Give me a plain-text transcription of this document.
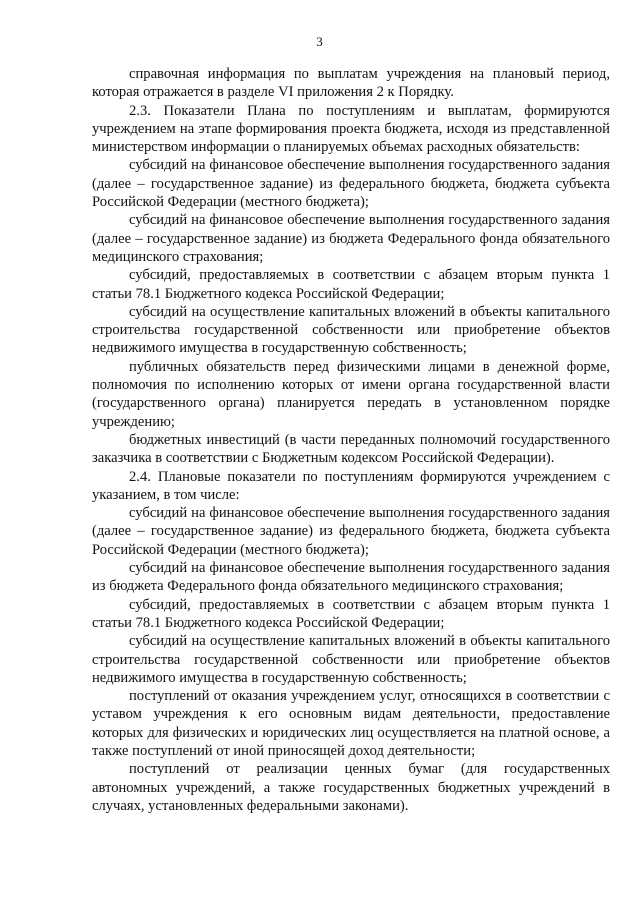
3

справочная информация по выплатам учреждения на плановый период, которая отражается в разделе VI приложения 2 к Порядку.

2.3. Показатели Плана по поступлениям и выплатам, формируются учреждением на этапе формирования проекта бюджета, исходя из представленной министерством информации о планируемых объемах расходных обязательств:

субсидий на финансовое обеспечение выполнения государственного задания (далее – государственное задание) из федерального бюджета, бюджета субъекта Российской Федерации (местного бюджета);

субсидий на финансовое обеспечение выполнения государственного задания (далее – государственное задание) из бюджета Федерального фонда обязательного медицинского страхования;

субсидий, предоставляемых в соответствии с абзацем вторым пункта 1 статьи 78.1 Бюджетного кодекса Российской Федерации;

субсидий на осуществление капитальных вложений в объекты капитального строительства государственной собственности или приобретение объектов недвижимого имущества в государственную собственность;

публичных обязательств перед физическими лицами в денежной форме, полномочия по исполнению которых от имени органа государственной власти (государственного органа) планируется передать в установленном порядке учреждению;

бюджетных инвестиций (в части переданных полномочий государственного заказчика в соответствии с Бюджетным кодексом Российской Федерации).

2.4. Плановые показатели по поступлениям формируются учреждением с указанием, в том числе:

субсидий на финансовое обеспечение выполнения государственного задания (далее – государственное задание) из федерального бюджета, бюджета субъекта Российской Федерации (местного бюджета);

субсидий на финансовое обеспечение выполнения государственного задания из бюджета Федерального фонда обязательного медицинского страхования;

субсидий, предоставляемых в соответствии с абзацем вторым пункта 1 статьи 78.1 Бюджетного кодекса Российской Федерации;

субсидий на осуществление капитальных вложений в объекты капитального строительства государственной собственности или приобретение объектов недвижимого имущества в государственную собственность;

поступлений от оказания учреждением услуг, относящихся в соответствии с уставом учреждения к его основным видам деятельности, предоставление которых для физических и юридических лиц осуществляется на платной основе, а также поступлений от иной приносящей доход деятельности;

поступлений от реализации ценных бумаг (для государственных автономных учреждений, а также государственных бюджетных учреждений в случаях, установленных федеральными законами).
